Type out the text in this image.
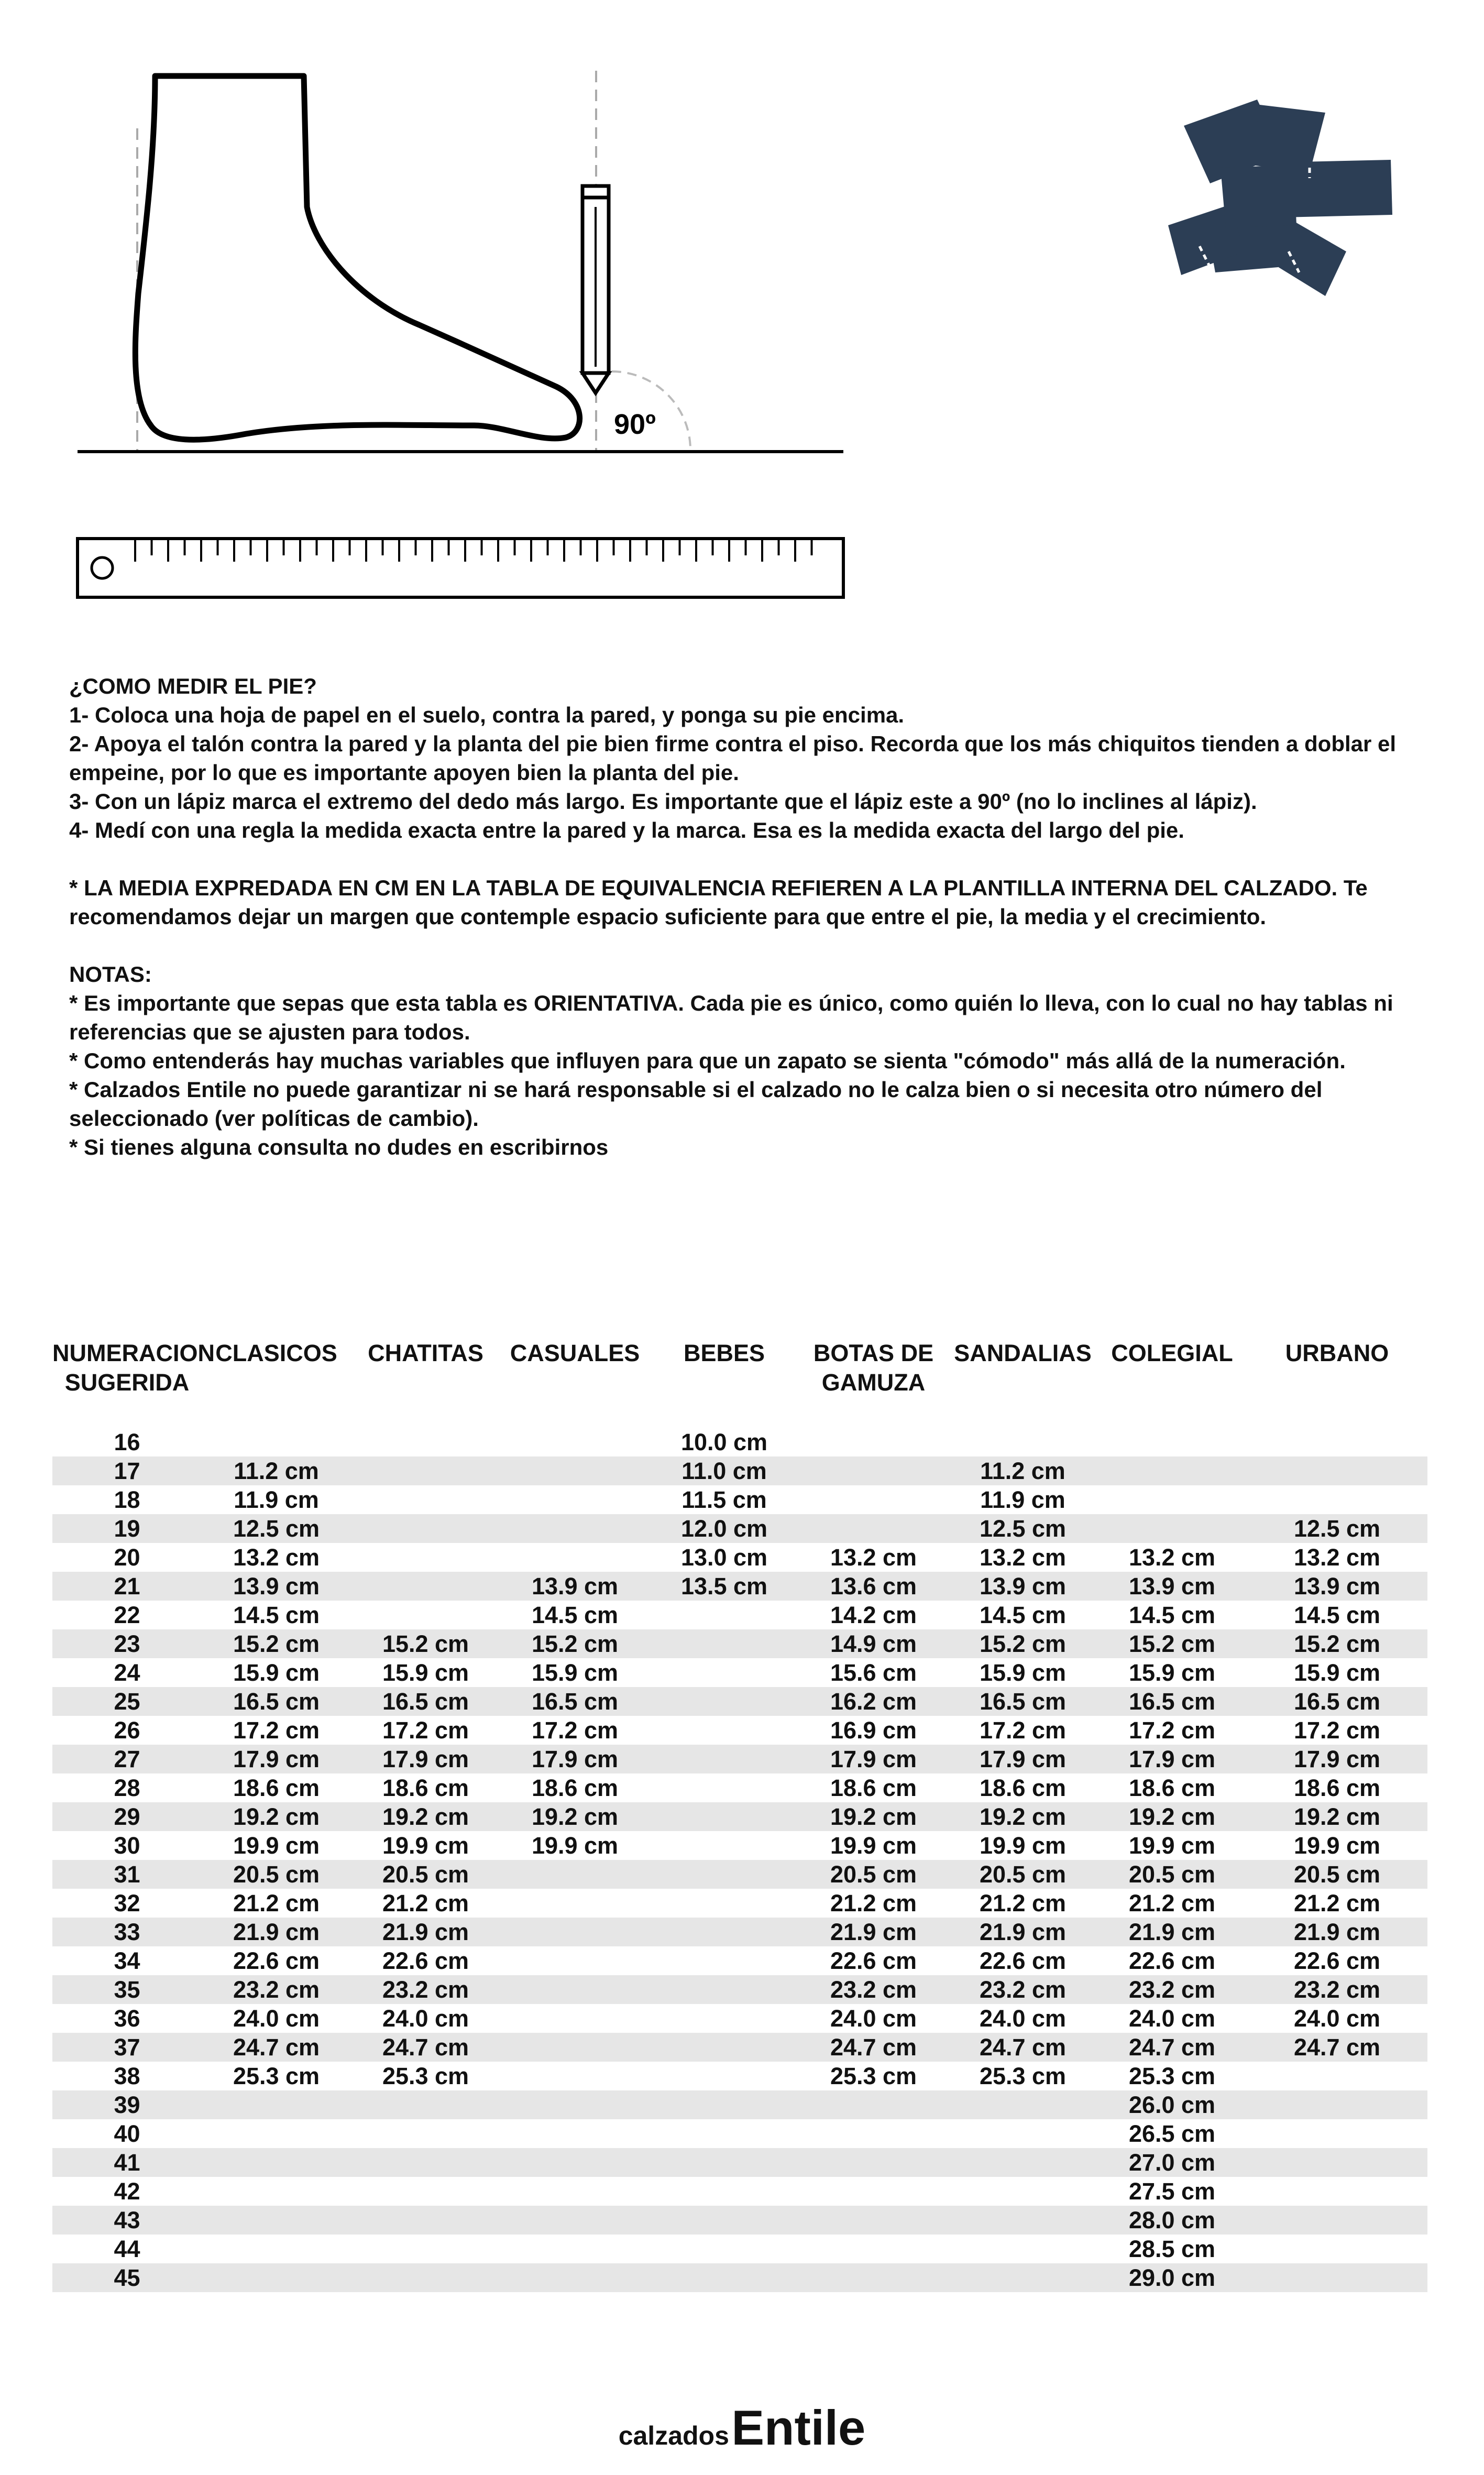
90º

¿COMO MEDIR EL PIE?

1- Coloca una hoja de papel en el suelo, contra la pared, y ponga su pie encima.

2- Apoya el talón contra la pared y la planta del pie bien firme contra el piso. Recorda que los más chiquitos tienden a doblar el empeine, por lo que es importante apoyen bien la planta del pie.

3- Con un lápiz marca el extremo del dedo más largo. Es importante que el lápiz este a 90º (no lo inclines al lápiz).

4- Medí con una regla la medida exacta entre la pared y la marca. Esa es la medida exacta del largo del pie.

* LA MEDIA EXPREDADA EN CM EN LA TABLA DE EQUIVALENCIA REFIEREN A LA PLANTILLA INTERNA DEL CALZADO. Te recomendamos dejar un margen que contemple espacio suficiente para que entre el pie, la media y el crecimiento.

NOTAS:

* Es importante que sepas que esta tabla es ORIENTATIVA. Cada pie es único, como quién lo lleva, con lo cual no hay tablas ni referencias que se ajusten para todos.

* Como entenderás hay muchas variables que influyen para que un zapato se sienta "cómodo" más allá de la numeración.

* Calzados Entile no puede garantizar ni se hará responsable si el calzado no le calza bien o si necesita otro número del seleccionado (ver políticas de cambio).

* Si tienes alguna consulta no dudes en escribirnos

NUMERACION
SUGERIDA	CLASICOS	CHATITAS	CASUALES	BEBES	BOTAS DE
GAMUZA	SANDALIAS	COLEGIAL	URBANO

16				10.0 cm				
17	11.2 cm			11.0 cm		11.2 cm		
18	11.9 cm			11.5 cm		11.9 cm		
19	12.5 cm			12.0 cm		12.5 cm		12.5 cm
20	13.2 cm			13.0 cm	13.2 cm	13.2 cm	13.2 cm	13.2 cm
21	13.9 cm		13.9 cm	13.5 cm	13.6 cm	13.9 cm	13.9 cm	13.9 cm
22	14.5 cm		14.5 cm		14.2 cm	14.5 cm	14.5 cm	14.5 cm
23	15.2 cm	15.2 cm	15.2 cm		14.9 cm	15.2 cm	15.2 cm	15.2 cm
24	15.9 cm	15.9 cm	15.9 cm		15.6 cm	15.9 cm	15.9 cm	15.9 cm
25	16.5 cm	16.5 cm	16.5 cm		16.2 cm	16.5 cm	16.5 cm	16.5 cm
26	17.2 cm	17.2 cm	17.2 cm		16.9 cm	17.2 cm	17.2 cm	17.2 cm
27	17.9 cm	17.9 cm	17.9 cm		17.9 cm	17.9 cm	17.9 cm	17.9 cm
28	18.6 cm	18.6 cm	18.6 cm		18.6 cm	18.6 cm	18.6 cm	18.6 cm
29	19.2 cm	19.2 cm	19.2 cm		19.2 cm	19.2 cm	19.2 cm	19.2 cm
30	19.9 cm	19.9 cm	19.9 cm		19.9 cm	19.9 cm	19.9 cm	19.9 cm
31	20.5 cm	20.5 cm			20.5 cm	20.5 cm	20.5 cm	20.5 cm
32	21.2 cm	21.2 cm			21.2 cm	21.2 cm	21.2 cm	21.2 cm
33	21.9 cm	21.9 cm			21.9 cm	21.9 cm	21.9 cm	21.9 cm
34	22.6 cm	22.6 cm			22.6 cm	22.6 cm	22.6 cm	22.6 cm
35	23.2 cm	23.2 cm			23.2 cm	23.2 cm	23.2 cm	23.2 cm
36	24.0 cm	24.0 cm			24.0 cm	24.0 cm	24.0 cm	24.0 cm
37	24.7 cm	24.7 cm			24.7 cm	24.7 cm	24.7 cm	24.7 cm
38	25.3 cm	25.3 cm			25.3 cm	25.3 cm	25.3 cm	
39							26.0 cm	
40							26.5 cm	
41							27.0 cm	
42							27.5 cm	
43							28.0 cm	
44							28.5 cm	
45							29.0 cm	
calzados Entile
